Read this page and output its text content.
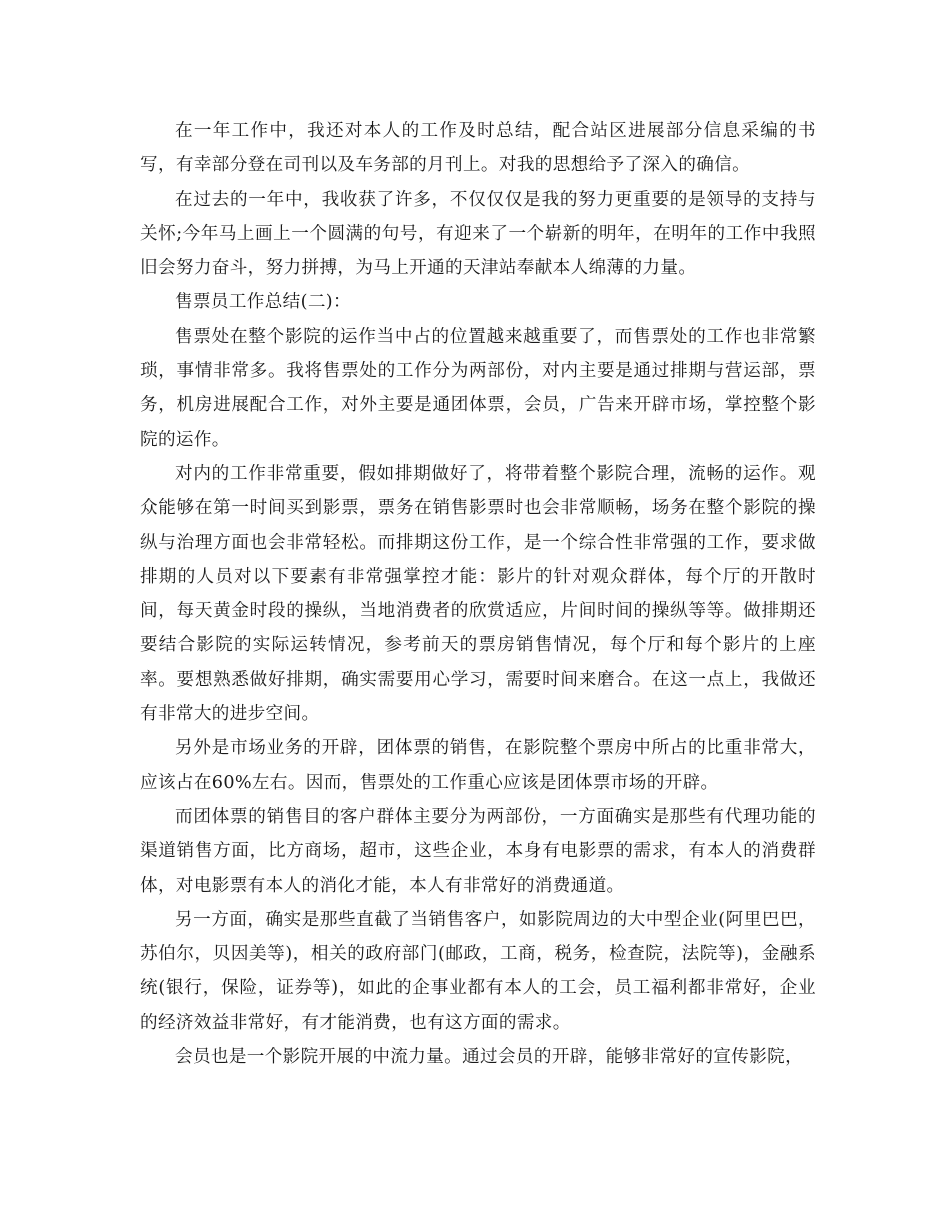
在一年工作中，我还对本人的工作及时总结，配合站区进展部分信息采编的书写，有幸部分登在司刊以及车务部的月刊上。对我的思想给予了深入的确信。

在过去的一年中，我收获了许多，不仅仅仅是我的努力更重要的是领导的支持与关怀;今年马上画上一个圆满的句号，有迎来了一个崭新的明年，在明年的工作中我照旧会努力奋斗，努力拼搏，为马上开通的天津站奉献本人绵薄的力量。

售票员工作总结(二)：

售票处在整个影院的运作当中占的位置越来越重要了，而售票处的工作也非常繁琐，事情非常多。我将售票处的工作分为两部份，对内主要是通过排期与营运部，票务，机房进展配合工作，对外主要是通团体票，会员，广告来开辟市场，掌控整个影院的运作。

对内的工作非常重要，假如排期做好了，将带着整个影院合理，流畅的运作。观众能够在第一时间买到影票，票务在销售影票时也会非常顺畅，场务在整个影院的操纵与治理方面也会非常轻松。而排期这份工作，是一个综合性非常强的工作，要求做排期的人员对以下要素有非常强掌控才能：影片的针对观众群体，每个厅的开散时间，每天黄金时段的操纵，当地消费者的欣赏适应，片间时间的操纵等等。做排期还要结合影院的实际运转情况，参考前天的票房销售情况，每个厅和每个影片的上座率。要想熟悉做好排期，确实需要用心学习，需要时间来磨合。在这一点上，我做还有非常大的进步空间。

另外是市场业务的开辟，团体票的销售，在影院整个票房中所占的比重非常大，应该占在60%左右。因而，售票处的工作重心应该是团体票市场的开辟。

而团体票的销售目的客户群体主要分为两部份，一方面确实是那些有代理功能的渠道销售方面，比方商场，超市，这些企业，本身有电影票的需求，有本人的消费群体，对电影票有本人的消化才能，本人有非常好的消费通道。

另一方面，确实是那些直截了当销售客户，如影院周边的大中型企业(阿里巴巴，苏伯尔，贝因美等)，相关的政府部门(邮政，工商，税务，检查院，法院等)，金融系统(银行，保险，证券等)，如此的企事业都有本人的工会，员工福利都非常好，企业的经济效益非常好，有才能消费，也有这方面的需求。

会员也是一个影院开展的中流力量。通过会员的开辟，能够非常好的宣传影院，
